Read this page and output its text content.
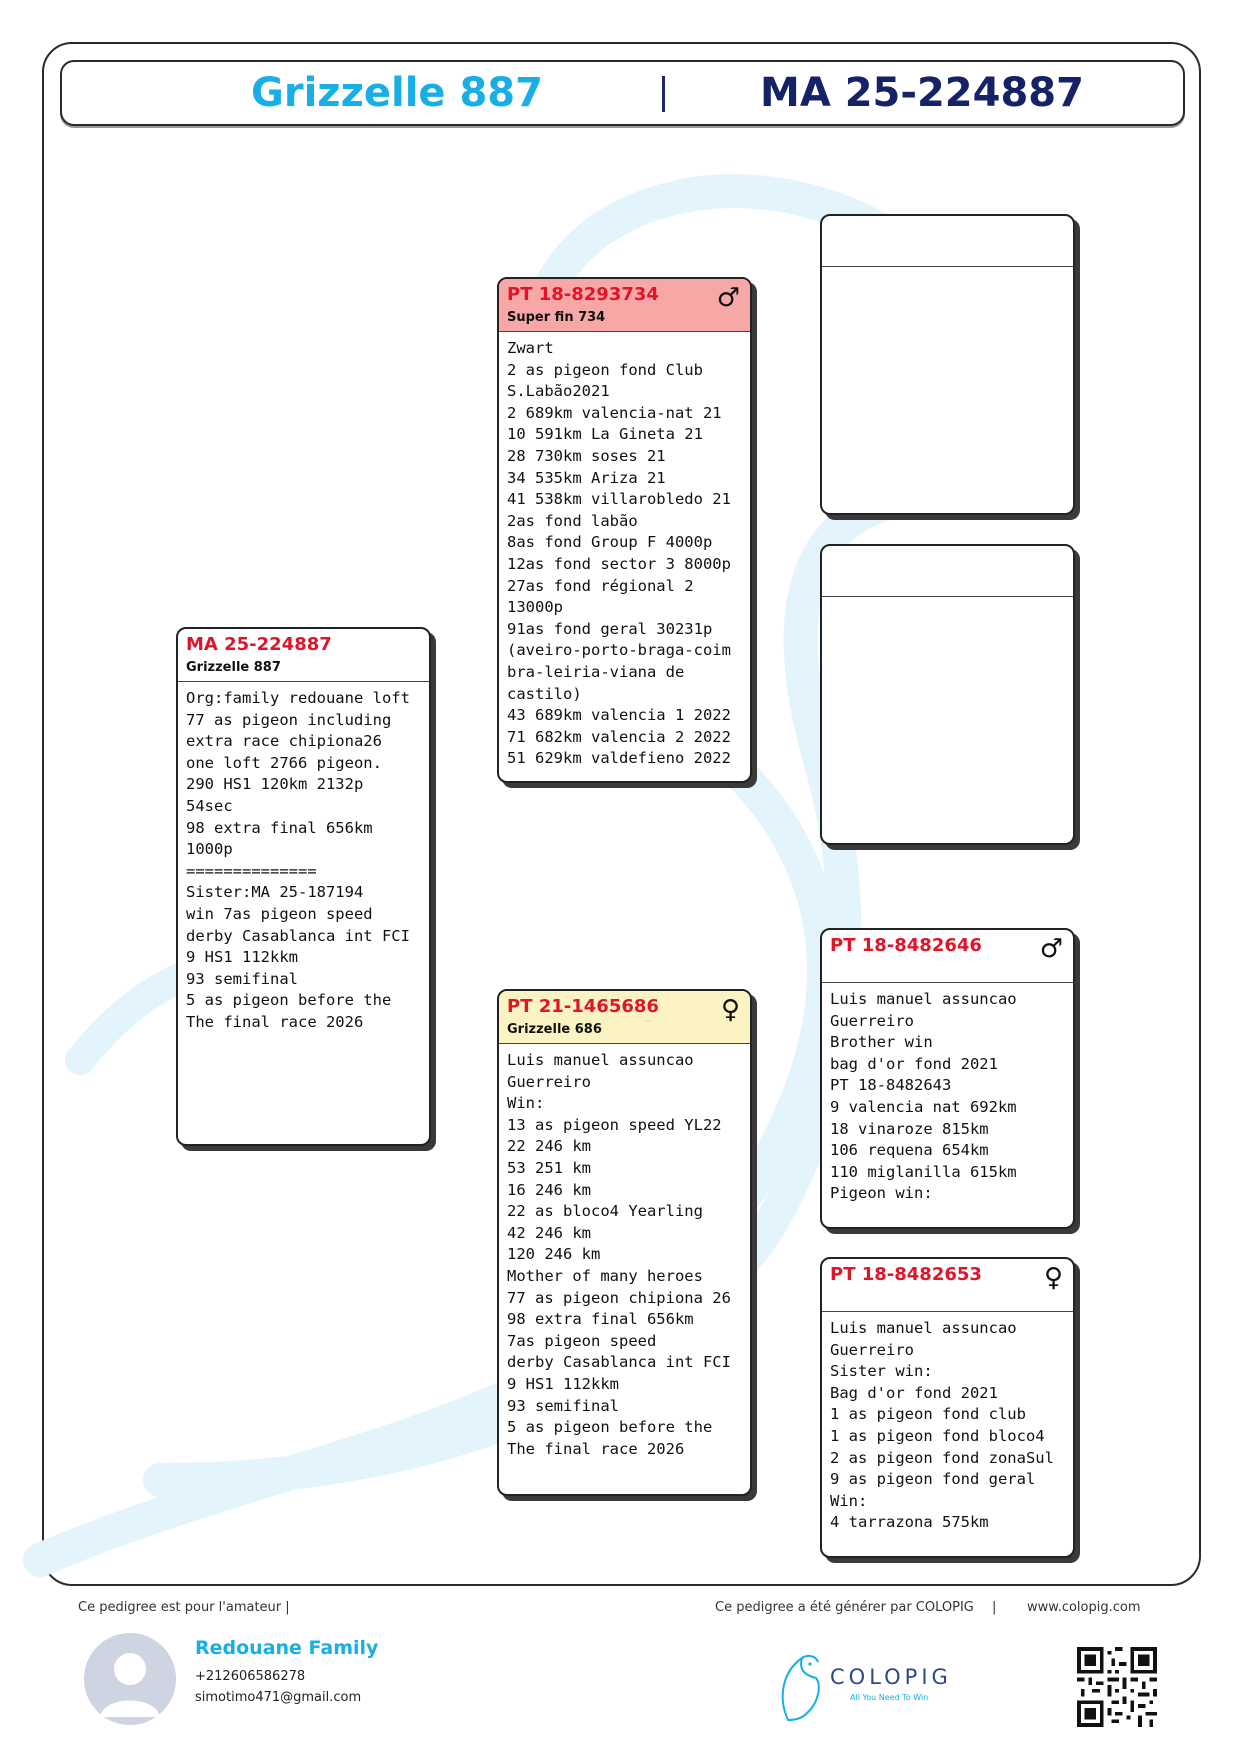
Grizzelle 887	MA 25-224887
MA 25-224887
Grizzelle 887
Org:family redouane loft
77 as pigeon including
extra race chipiona26
one loft 2766 pigeon.
290 HS1 120km 2132p
54sec
98 extra final 656km
1000p
==============
Sister:MA 25-187194
win 7as pigeon speed
derby Casablanca int FCI
9 HS1 112kkm
93 semifinal
5 as pigeon before the
The final race 2026
PT 18-8293734
Super fin 734
♂
Zwart
2 as pigeon fond Club
S.Labão2021
2 689km valencia-nat 21
10 591km La Gineta 21
28 730km soses 21
34 535km Ariza 21
41 538km villarobledo 21
2as fond labão
8as fond Group F 4000p
12as fond sector 3 8000p
27as fond régional 2
13000p
91as fond geral 30231p
(aveiro-porto-braga-coim
bra-leiria-viana de
castilo)
43 689km valencia 1 2022
71 682km valencia 2 2022
51 629km valdefieno 2022
PT 21-1465686
Grizzelle 686
♀
Luis manuel assuncao
Guerreiro
Win:
13 as pigeon speed YL22
22 246 km
53 251 km
16 246 km
22 as bloco4 Yearling
42 246 km
120 246 km
Mother of many heroes
77 as pigeon chipiona 26
98 extra final 656km
7as pigeon speed
derby Casablanca int FCI
9 HS1 112kkm
93 semifinal
5 as pigeon before the
The final race 2026
PT 18-8482646 ♂
Luis manuel assuncao
Guerreiro
Brother win
bag d'or fond 2021
PT 18-8482643
9 valencia nat 692km
18 vinaroze 815km
106 requena 654km
110 miglanilla 615km
Pigeon win:
PT 18-8482653 ♀
Luis manuel assuncao
Guerreiro
Sister win:
Bag d'or fond 2021
1 as pigeon fond club
1 as pigeon fond bloco4
2 as pigeon fond zonaSul
9 as pigeon fond geral
Win:
4 tarrazona 575km
Ce pedigree est pour l'amateur |	Ce pedigree a été générer par COLOPIG |	www.colopig.com
Redouane Family
+212606586278
simotimo471@gmail.com
COLOPIG
All You Need To Win
